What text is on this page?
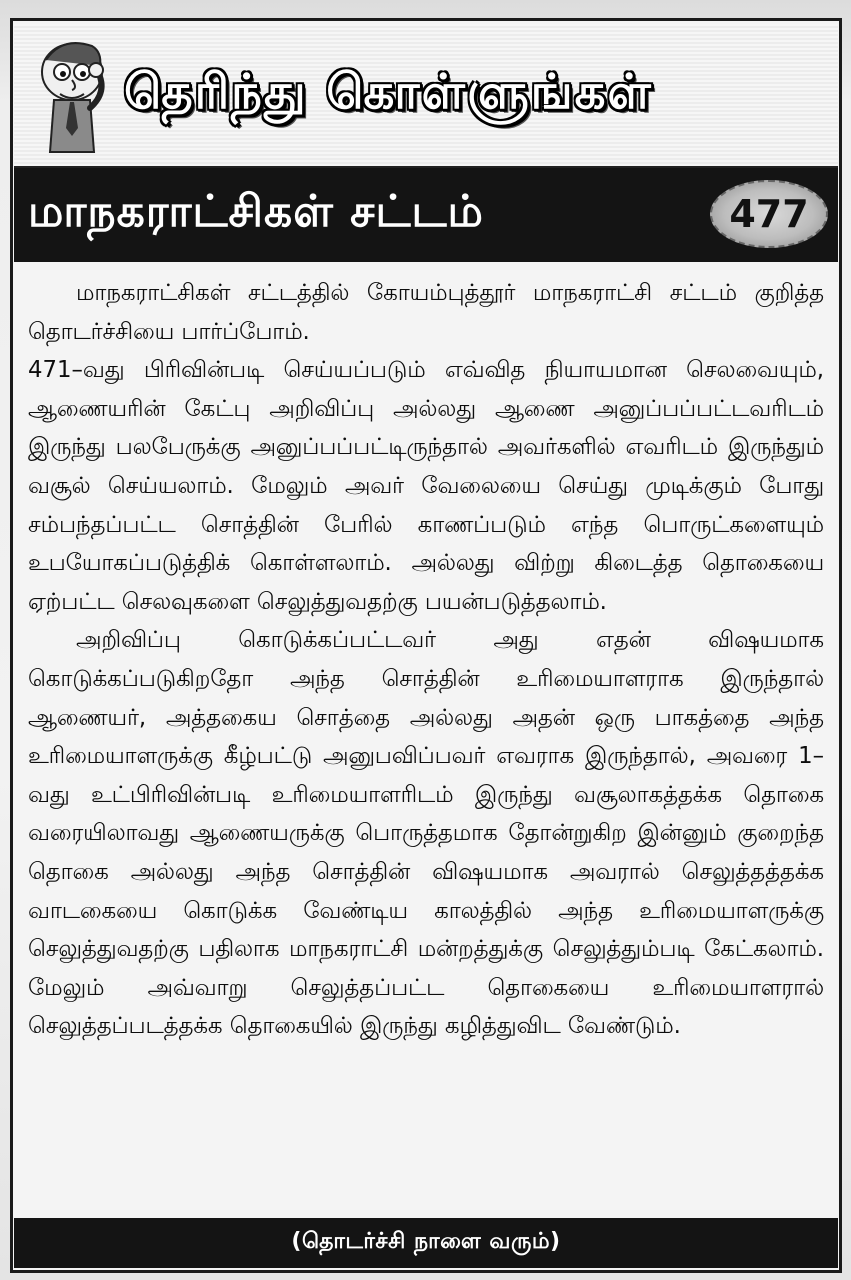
தெரிந்து கொள்ளுங்கள்
மாநகராட்சிகள் சட்டம்	477

மாநகராட்சிகள் சட்டத்தில் கோயம்புத்தூர் மாநகராட்சி சட்டம் குறித்த தொடர்ச்சியை பார்ப்போம்.

471–வது பிரிவின்படி செய்யப்படும் எவ்வித நியாயமான செலவையும், ஆணையரின் கேட்பு அறிவிப்பு அல்லது ஆணை அனுப்பப்பட்டவரிடம் இருந்து பலபேருக்கு அனுப்பப்பட்டிருந்தால் அவர்களில் எவரிடம் இருந்தும் வசூல் செய்யலாம். மேலும் அவர் வேலையை செய்து முடிக்கும் போது சம்பந்தப்பட்ட சொத்தின் பேரில் காணப்படும் எந்த பொருட்களையும் உபயோகப்படுத்திக் கொள்ளலாம். அல்லது விற்று கிடைத்த தொகையை ஏற்பட்ட செலவுகளை செலுத்துவதற்கு பயன்படுத்தலாம்.

அறிவிப்பு கொடுக்கப்பட்டவர் அது எதன் விஷயமாக கொடுக்கப்படுகிறதோ அந்த சொத்தின் உரிமையாளராக இருந்தால் ஆணையர், அத்தகைய சொத்தை அல்லது அதன் ஒரு பாகத்தை அந்த உரிமையாளருக்கு கீழ்பட்டு அனுபவிப்பவர் எவராக இருந்தால், அவரை 1–வது உட்பிரிவின்படி உரிமையாளரிடம் இருந்து வசூலாகத்தக்க தொகை வரையிலாவது ஆணையருக்கு பொருத்தமாக தோன்றுகிற இன்னும் குறைந்த தொகை அல்லது அந்த சொத்தின் விஷயமாக அவரால் செலுத்தத்தக்க வாடகையை கொடுக்க வேண்டிய காலத்தில் அந்த உரிமையாளருக்கு செலுத்துவதற்கு பதிலாக மாநகராட்சி மன்றத்துக்கு செலுத்தும்படி கேட்கலாம். மேலும் அவ்வாறு செலுத்தப்பட்ட தொகையை உரிமையாளரால் செலுத்தப்படத்தக்க தொகையில் இருந்து கழித்துவிட வேண்டும்.

(தொடர்ச்சி நாளை வரும்)
